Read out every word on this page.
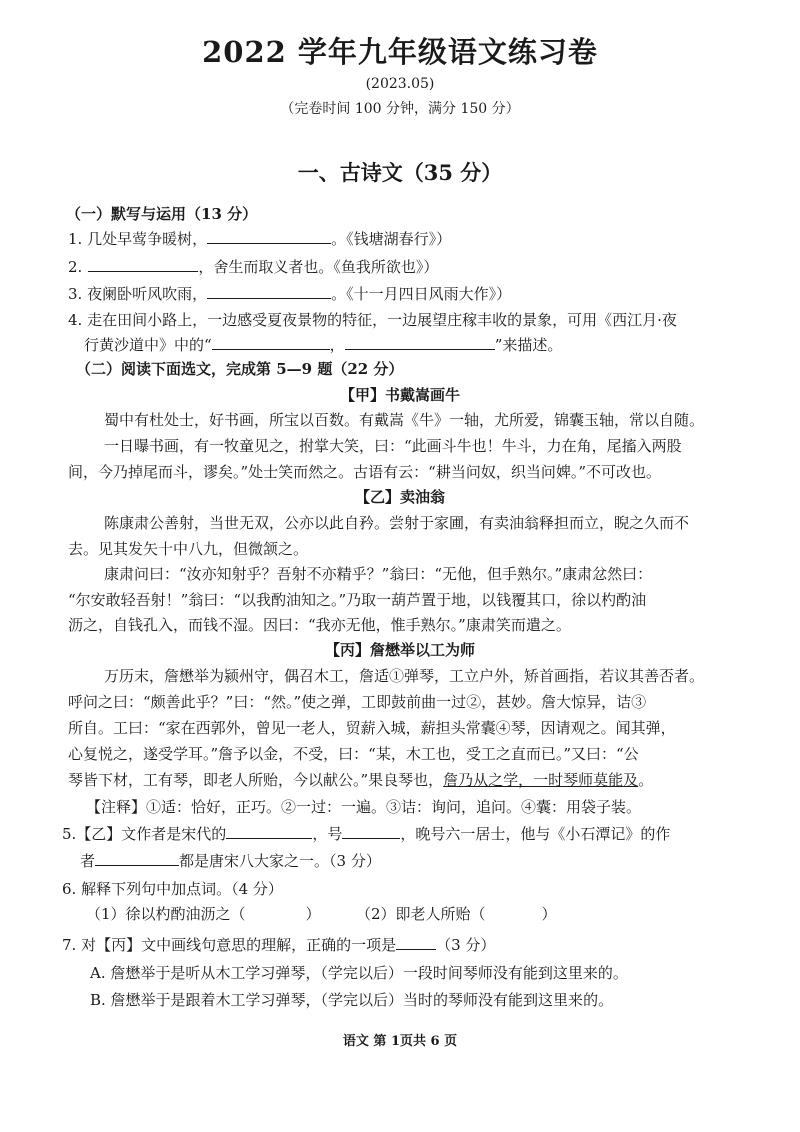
2022 学年九年级语文练习卷
(2023.05)
（完卷时间 100 分钟，满分 150 分）
一、古诗文（35 分）
（一）默写与运用（13 分）
1. 几处早莺争暖树，	。《钱塘湖春行》）
2.	，舍生而取义者也。《鱼我所欲也》）
3. 夜阑卧听风吹雨，	。《十一月四日风雨大作》）
4. 走在田间小路上，一边感受夏夜景物的特征，一边展望庄稼丰收的景象，可用《西江月·夜
行黄沙道中》中的“	，	”来描述。
（二）阅读下面选文，完成第 5—9 题（22 分）
【甲】书戴嵩画牛
蜀中有杜处士，好书画，所宝以百数。有戴嵩《牛》一轴，尤所爱，锦囊玉轴，常以自随。
一日曝书画，有一牧童见之，拊掌大笑，曰：“此画斗牛也！牛斗，力在角，尾搐入两股
间，今乃掉尾而斗，谬矣。”处士笑而然之。古语有云：“耕当问奴，织当问婢。”不可改也。
【乙】卖油翁
陈康肃公善射，当世无双，公亦以此自矜。尝射于家圃，有卖油翁释担而立，睨之久而不
去。见其发矢十中八九，但微颔之。
康肃问曰：“汝亦知射乎？吾射不亦精乎？”翁曰：“无他，但手熟尔。”康肃忿然曰：
“尔安敢轻吾射！”翁曰：“以我酌油知之。”乃取一葫芦置于地，以钱覆其口，徐以杓酌油
沥之，自钱孔入，而钱不湿。因曰：“我亦无他，惟手熟尔。”康肃笑而遣之。
【丙】詹懋举以工为师
万历末，詹懋举为颍州守，偶召木工，詹适①弹琴，工立户外，矫首画指，若议其善否者。
呼问之曰：“颇善此乎？”曰：“然。”使之弹，工即鼓前曲一过②，甚妙。詹大惊异，诘③
所自。工曰：“家在西郭外，曾见一老人，贸薪入城，薪担头常囊④琴，因请观之。闻其弹，
心复悦之，遂受学耳。”詹予以金，不受，曰：“某，木工也，受工之直而已。”又曰：“公
琴皆下材，工有琴，即老人所贻，今以献公。”果良琴也，詹乃从之学，一时琴师莫能及。
【注释】①适：恰好，正巧。②一过：一遍。③诘：询问，追问。④囊：用袋子装。
5.【乙】文作者是宋代的	，号	，晚号六一居士，他与《小石潭记》的作
者	都是唐宋八大家之一。（3 分）
6. 解释下列句中加点词。（4 分）
（1）徐以杓酌油沥之（	） （2）即老人所贻（	）
7. 对【丙】文中画线句意思的理解，正确的一项是	（3 分）
A. 詹懋举于是听从木工学习弹琴，（学完以后）一段时间琴师没有能到这里来的。
B. 詹懋举于是跟着木工学习弹琴，（学完以后）当时的琴师没有能到这里来的。
语文 第 1页共 6 页
